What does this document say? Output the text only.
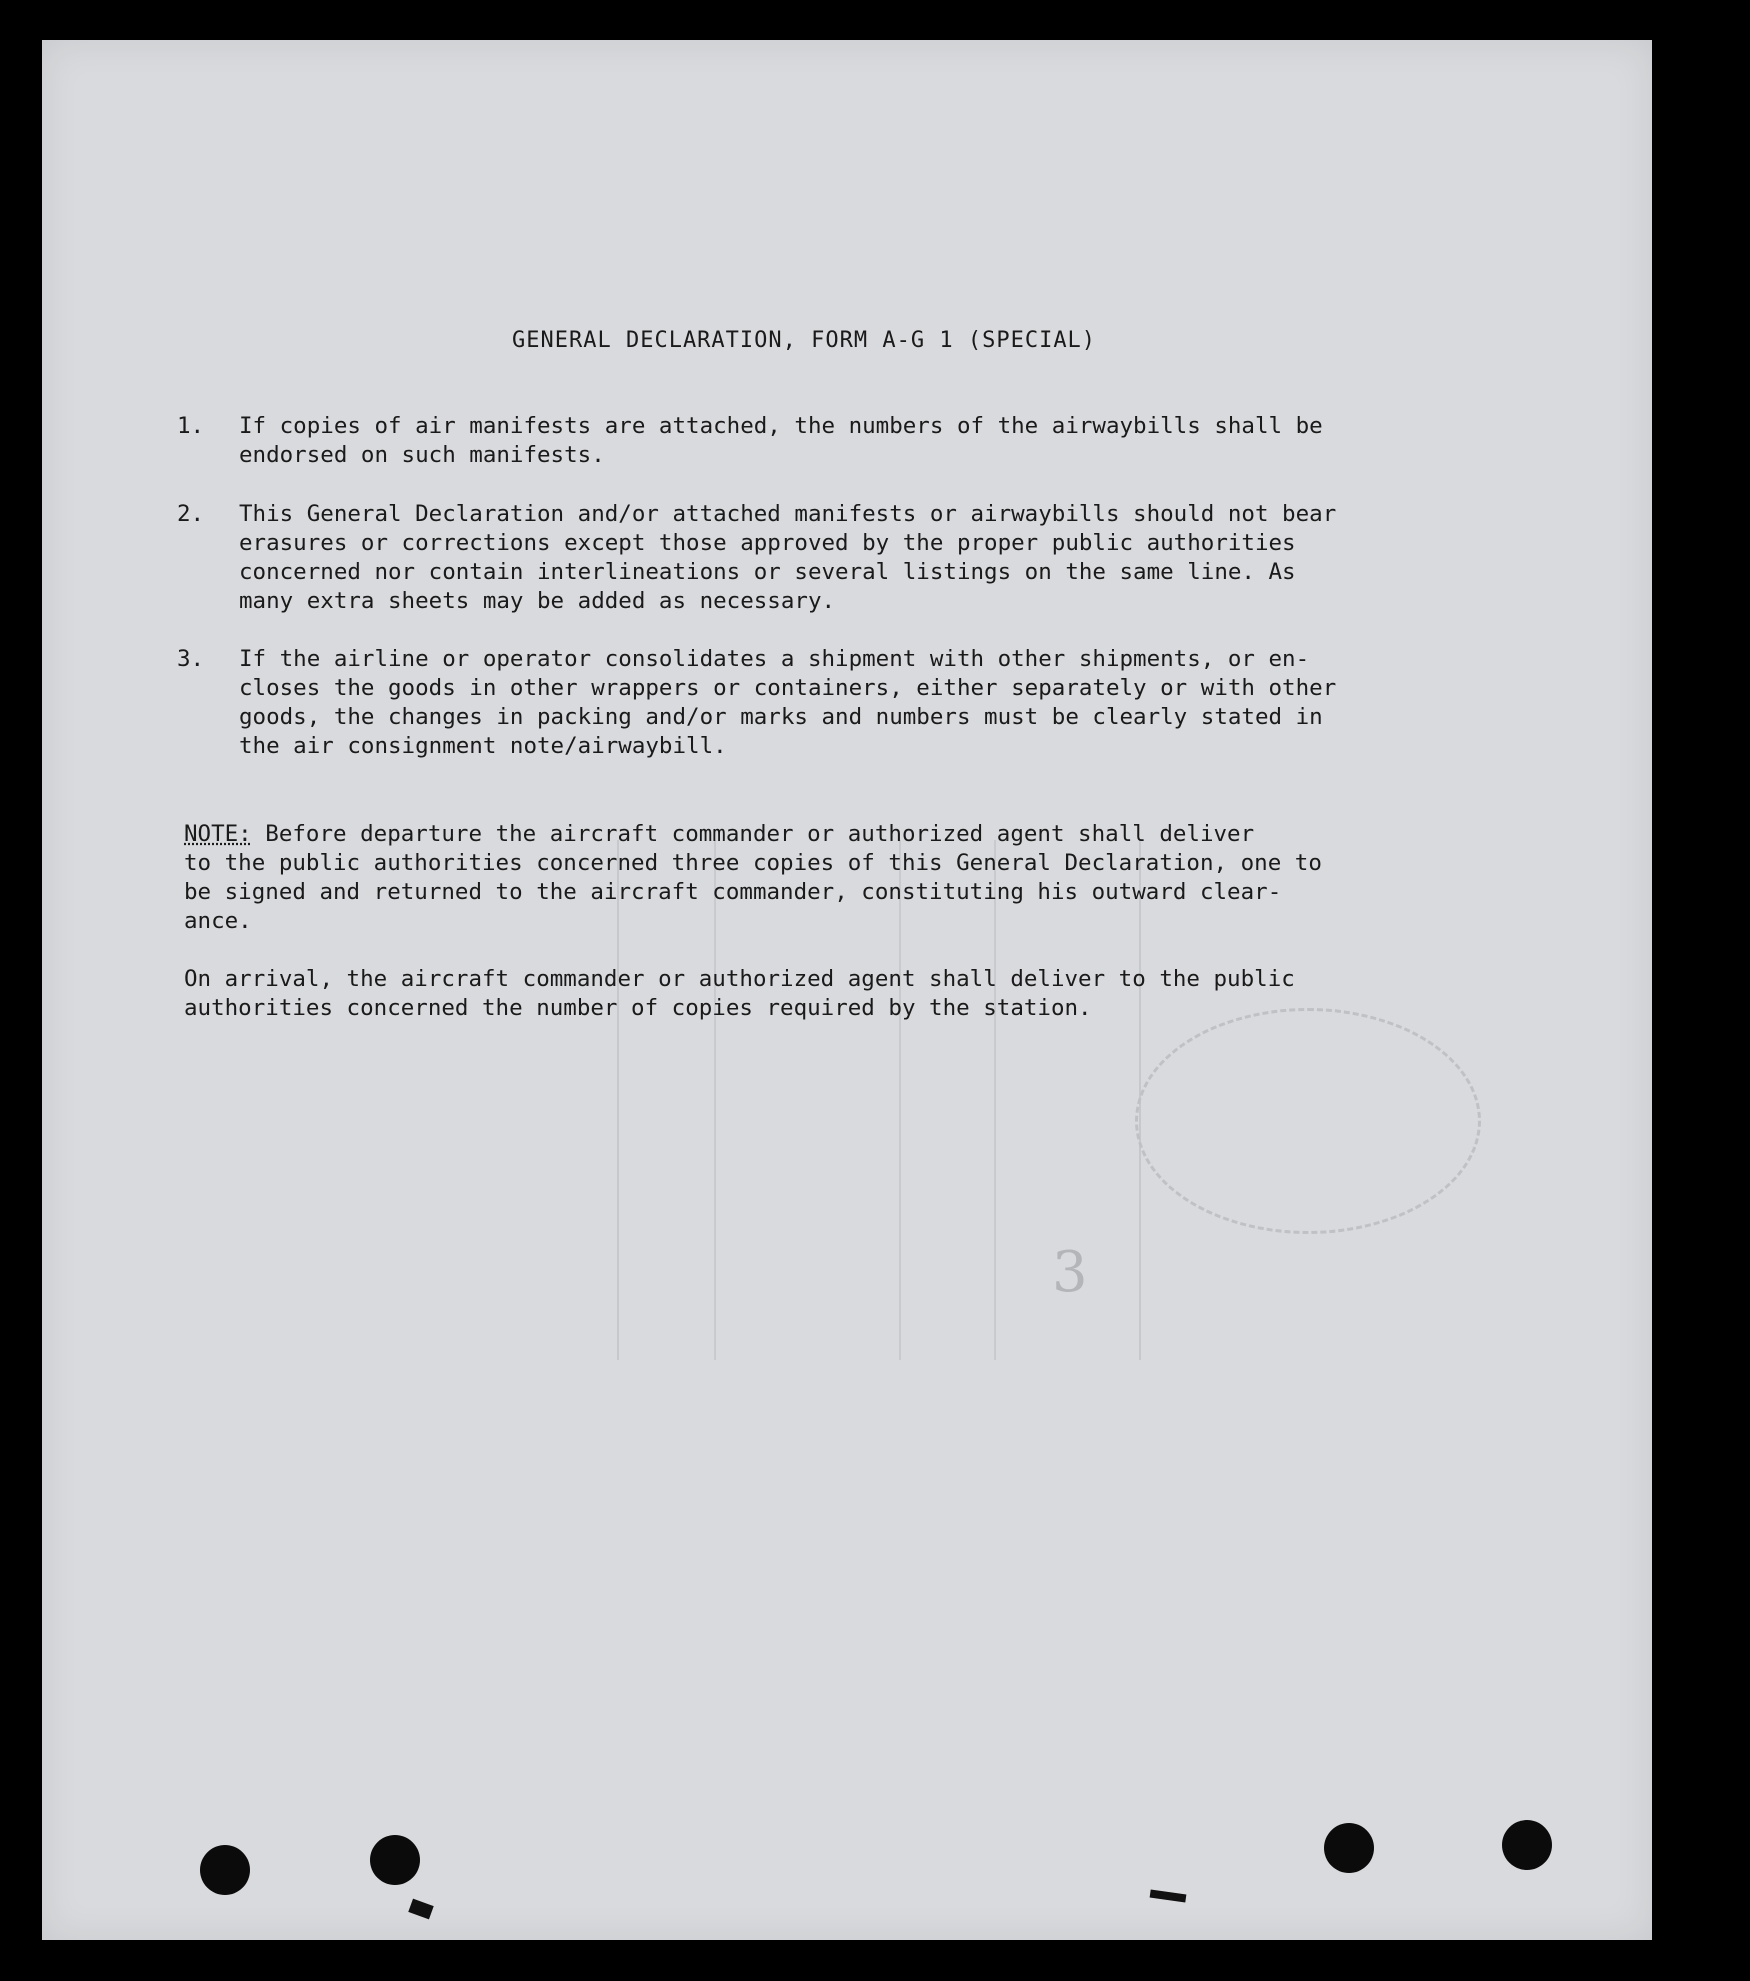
3
GENERAL DECLARATION, FORM A-G 1 (SPECIAL)
1.	If copies of air manifests are attached, the numbers of the airwaybills shall be
endorsed on such manifests.
2.	This General Declaration and/or attached manifests or airwaybills should not bear
erasures or corrections except those approved by the proper public authorities
concerned nor contain interlineations or several listings on the same line. As
many extra sheets may be added as necessary.
3.	If the airline or operator consolidates a shipment with other shipments, or en-
closes the goods in other wrappers or containers, either separately or with other
goods, the changes in packing and/or marks and numbers must be clearly stated in
the air consignment note/airwaybill.
NOTE: Before departure the aircraft commander or authorized agent shall deliver
to the public authorities concerned three copies of this General Declaration, one to
be signed and returned to the aircraft commander, constituting his outward clear-
ance.
On arrival, the aircraft commander or authorized agent shall deliver to the public
authorities concerned the number of copies required by the station.
